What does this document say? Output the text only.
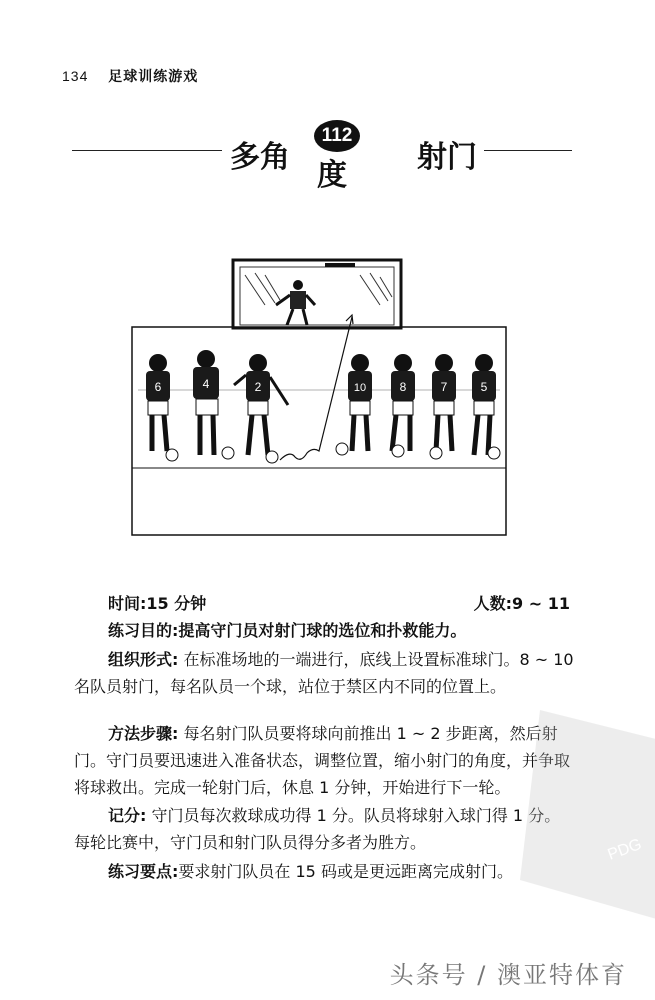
134 足球训练游戏
多角
112
度
射门
6	4	2	10	8	7	5
时间:15 分钟	人数:9 ~ 11
练习目的:提高守门员对射门球的选位和扑救能力。
组织形式: 在标准场地的一端进行，底线上设置标准球门。8 ~ 10 名队员射门，每名队员一个球，站位于禁区内不同的位置上。
方法步骤: 每名射门队员要将球向前推出 1 ~ 2 步距离，然后射门。守门员要迅速进入准备状态，调整位置，缩小射门的角度，并争取将球救出。完成一轮射门后，休息 1 分钟，开始进行下一轮。
记分: 守门员每次救球成功得 1 分。队员将球射入球门得 1 分。每轮比赛中，守门员和射门队员得分多者为胜方。
练习要点:要求射门队员在 15 码或是更远距离完成射门。
PDG
头条号 / 澳亚特体育
